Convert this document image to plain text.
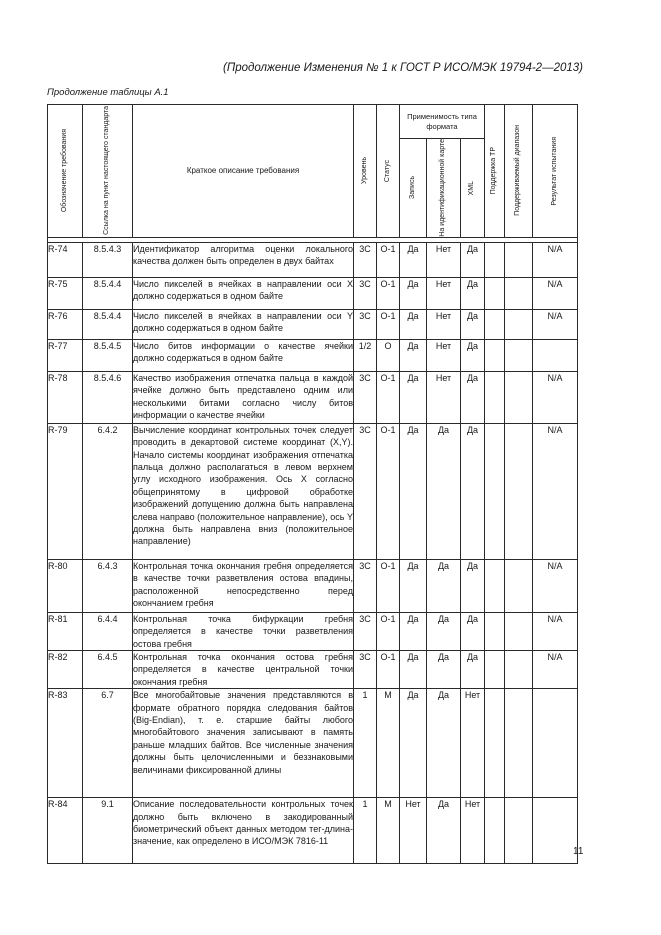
(Продолжение Изменения № 1 к ГОСТ Р ИСО/МЭК 19794-2—2013)
Продолжение таблицы А.1
Обозначение требования	Ссылка на пункт настоящего стандарта	Краткое описание требования	Уровень	Статус	Применимость типа формата			Поддержка ТР	Поддерживаемый диапазон	Результат испытания

					Запись	На идентификационной карте	XML			

R-74	8.5.4.3	Идентификатор алгоритма оценки локального качества должен быть определен в двух байтах	3C	О-1	Да	Нет	Да			N/A
R-75	8.5.4.4	Число пикселей в ячейках в направлении оси X должно содержаться в одном байте	3C	О-1	Да	Нет	Да			N/A
R-76	8.5.4.4	Число пикселей в ячейках в направлении оси Y должно содержаться в одном байте	3C	О-1	Да	Нет	Да			N/A
R-77	8.5.4.5	Число битов информации о качестве ячейки должно содержаться в одном байте	1/2	О	Да	Нет	Да			
R-78	8.5.4.6	Качество изображения отпечатка пальца в каждой ячейке должно быть представлено одним или несколькими битами согласно числу битов информации о качестве ячейки	3C	О-1	Да	Нет	Да			N/A
R-79	6.4.2	Вычисление координат контрольных точек следует проводить в декартовой системе координат (X,Y). Начало системы координат изображения отпечатка пальца должно располагаться в левом верхнем углу исходного изображения. Ось X согласно общепринятому в цифровой обработке изображений допущению должна быть направлена слева направо (положительное направление), ось Y должна быть направлена вниз (положительное направление)	3C	О-1	Да	Да	Да			N/A
R-80	6.4.3	Контрольная точка окончания гребня определяется в качестве точки разветвления остова впадины, расположенной непосредственно перед окончанием гребня	3C	О-1	Да	Да	Да			N/A
R-81	6.4.4	Контрольная точка бифуркации гребня определяется в качестве точки разветвления остова гребня	3C	О-1	Да	Да	Да			N/A
R-82	6.4.5	Контрольная точка окончания остова гребня определяется в качестве центральной точки окончания гребня	3C	О-1	Да	Да	Да			N/A
R-83	6.7	Все многобайтовые значения представляются в формате обратного порядка следования байтов (Big-Endian), т. е. старшие байты любого многобайтового значения записывают в память раньше младших байтов. Все численные значения должны быть целочисленными и беззнаковыми величинами фиксированной длины	1	М	Да	Да	Нет			
R-84	9.1	Описание последовательности контрольных точек должно быть включено в закодированный биометрический объект данных методом тег-длина-значение, как определено в ИСО/МЭК 7816-11	1	М	Нет	Да	Нет			
11
